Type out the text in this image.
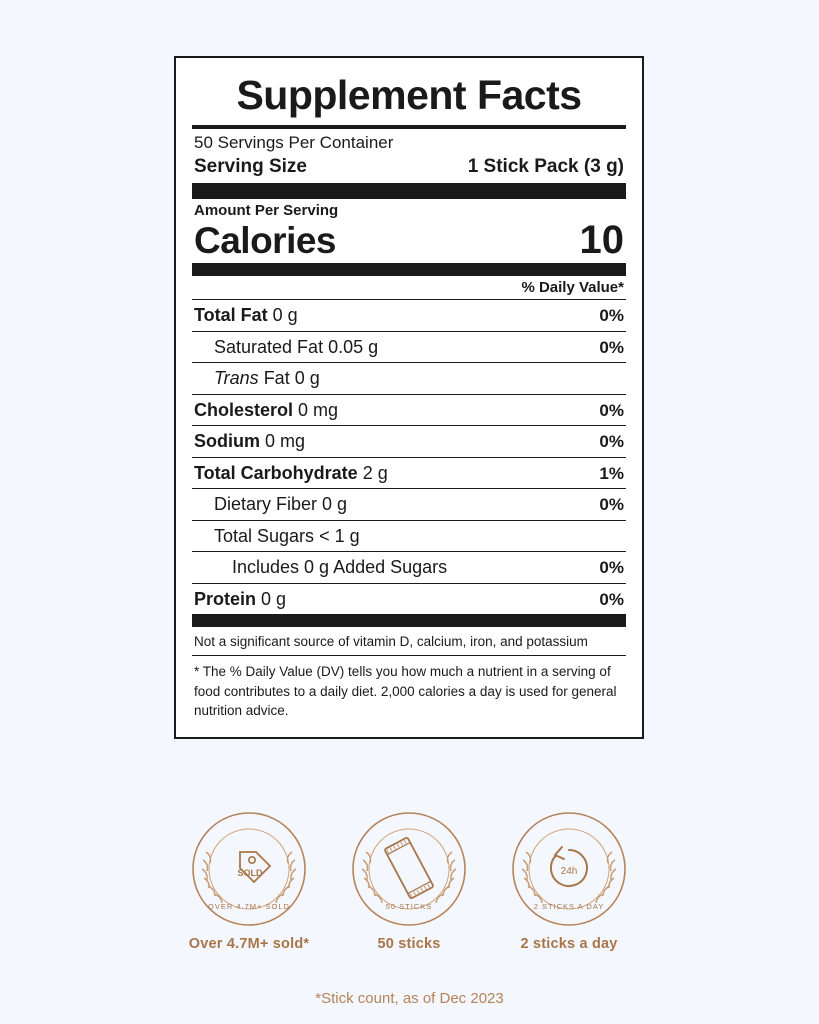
Supplement Facts
50 Servings Per Container
Serving Size	1 Stick Pack (3 g)
Amount Per Serving
Calories	10
% Daily Value*
Total Fat 0 g	0%
Saturated Fat 0.05 g	0%
Trans Fat 0 g
Cholesterol 0 mg	0%
Sodium 0 mg	0%
Total Carbohydrate 2 g	1%
Dietary Fiber 0 g	0%
Total Sugars < 1 g
Includes 0 g Added Sugars	0%
Protein 0 g	0%
Not a significant source of vitamin D, calcium, iron, and potassium
* The % Daily Value (DV) tells you how much a nutrient in a serving of food contributes to a daily diet. 2,000 calories a day is used for general nutrition advice.
SOLD
OVER 4.7M+ SOLD
Over 4.7M+ sold*
50 STICKS
50 sticks
24h
2 STICKS A DAY
2 sticks a day
*Stick count, as of Dec 2023
